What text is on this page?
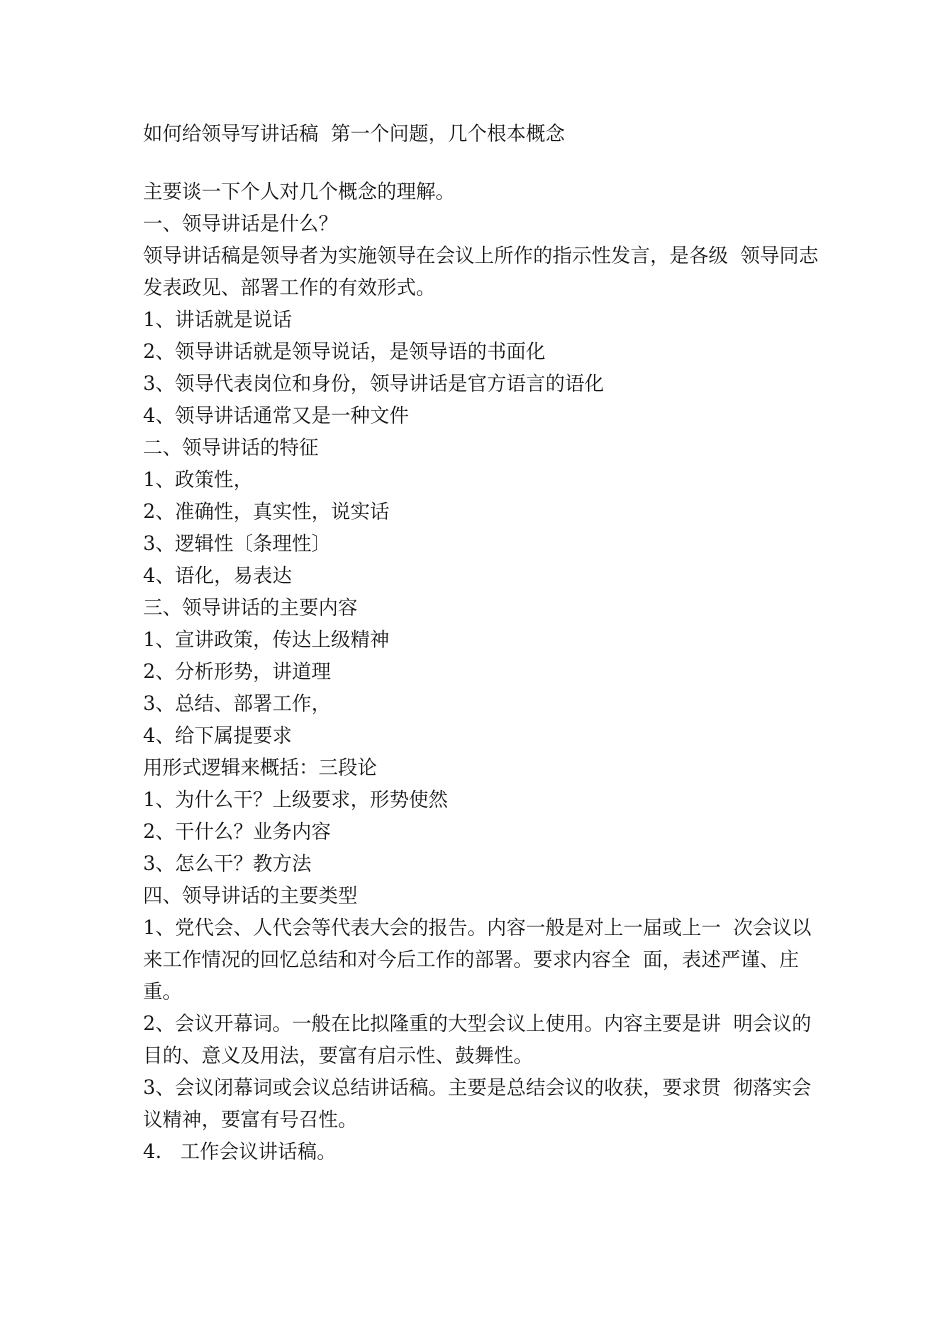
如何给领导写讲话稿  第一个问题，几个根本概念

主要谈一下个人对几个概念的理解。

一、领导讲话是什么？

领导讲话稿是领导者为实施领导在会议上所作的指示性发言，是各级  领导同志发表政见、部署工作的有效形式。

1、讲话就是说话

2、领导讲话就是领导说话，是领导语的书面化

3、领导代表岗位和身份，领导讲话是官方语言的语化

4、领导讲话通常又是一种文件

二、领导讲话的特征

1、政策性，

2、准确性，真实性，说实话

3、逻辑性〔条理性〕

4、语化，易表达

三、领导讲话的主要内容

1、宣讲政策，传达上级精神

2、分析形势，讲道理

3、总结、部署工作，

4、给下属提要求

用形式逻辑来概括：三段论

1、为什么干？上级要求，形势使然

2、干什么？业务内容

3、怎么干？教方法

四、领导讲话的主要类型

1、党代会、人代会等代表大会的报告。内容一般是对上一届或上一  次会议以来工作情况的回忆总结和对今后工作的部署。要求内容全  面，表述严谨、庄重。

2、会议开幕词。一般在比拟隆重的大型会议上使用。内容主要是讲  明会议的目的、意义及用法，要富有启示性、鼓舞性。

3、会议闭幕词或会议总结讲话稿。主要是总结会议的收获，要求贯  彻落实会议精神，要富有号召性。

4.   工作会议讲话稿。
